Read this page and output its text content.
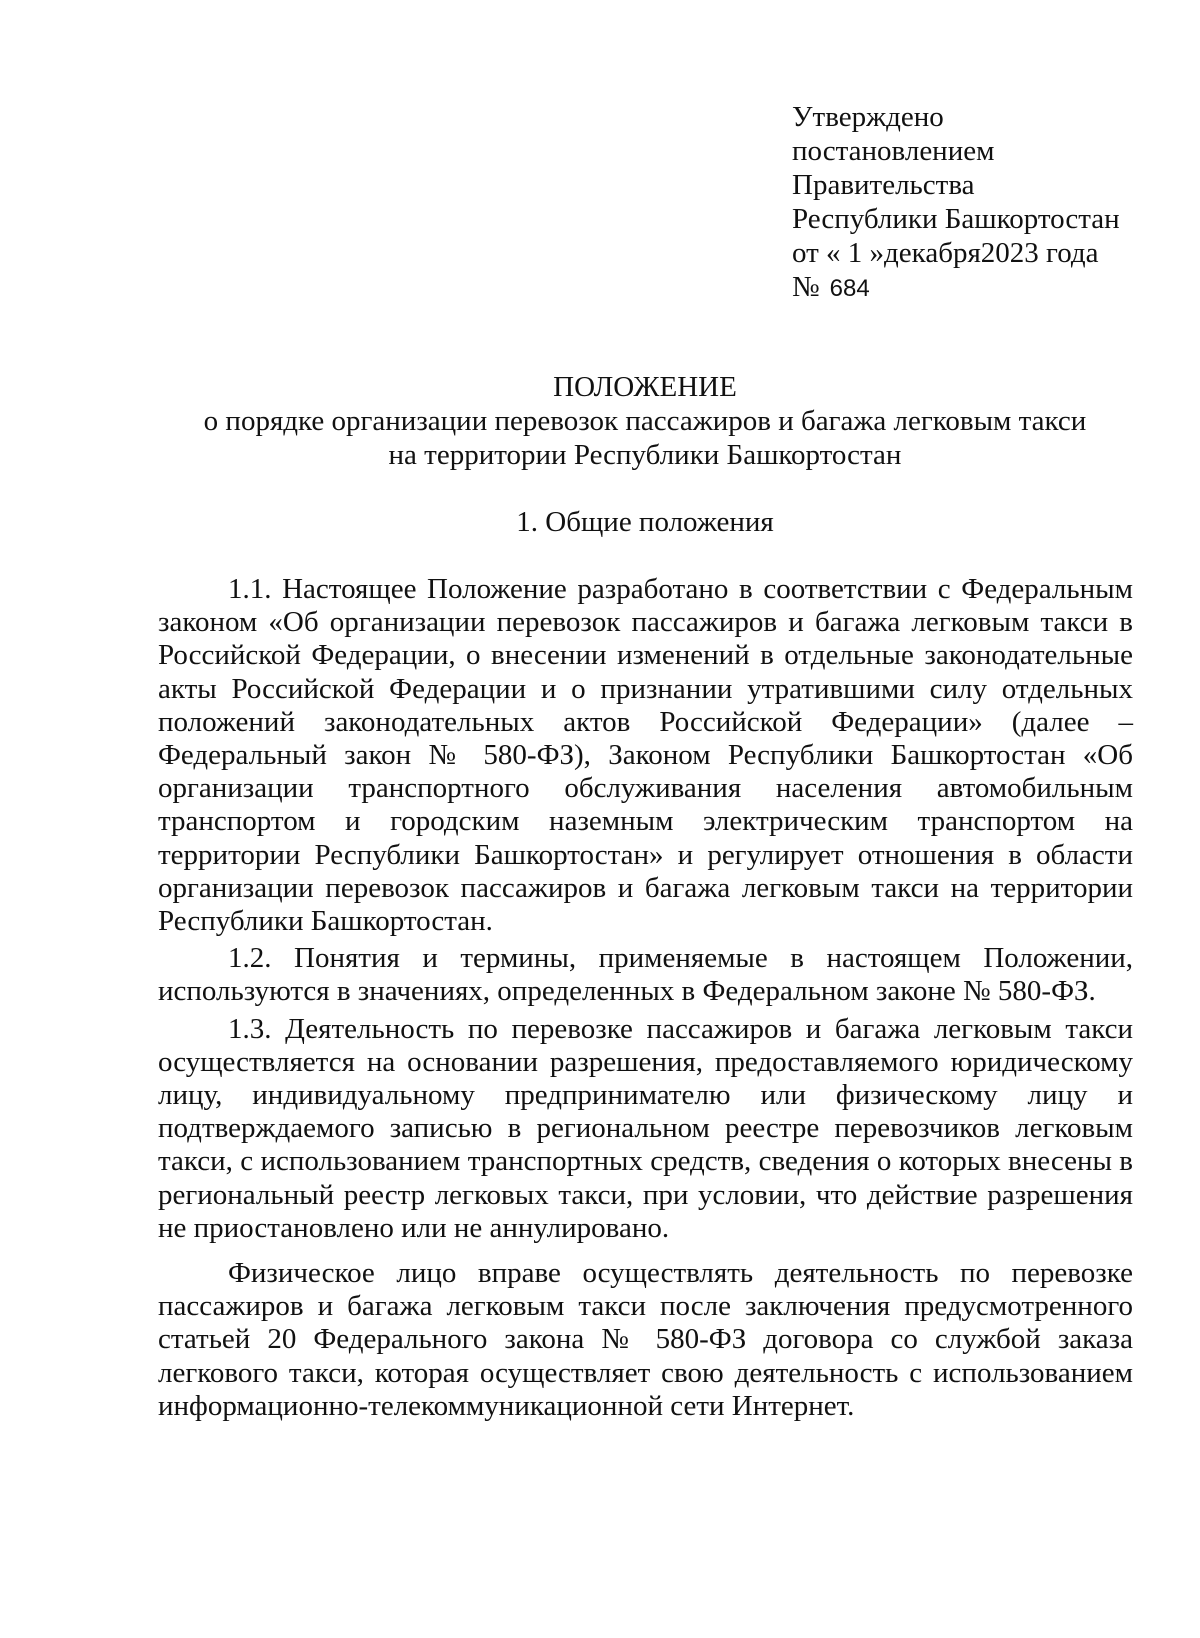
Утверждено
постановлением
Правительства
Республики Башкортостан
от « 1 »декабря2023 года
№ 684
ПОЛОЖЕНИЕ
о порядке организации перевозок пассажиров и багажа легковым такси
на территории Республики Башкортостан
1. Общие положения

1.1. Настоящее Положение разработано в соответствии с Федеральным законом «Об организации перевозок пассажиров и багажа легковым такси в Российской Федерации, о внесении изменений в отдельные законодательные акты Российской Федерации и о признании утратившими силу отдельных положений законодательных актов Российской Федерации» (далее – Федеральный закон № 580-ФЗ), Законом Республики Башкортостан «Об организации транспортного обслуживания населения автомобильным транспортом и городским наземным электрическим транспортом на территории Республики Башкортостан» и регулирует отношения в области организации перевозок пассажиров и багажа легковым такси на территории Республики Башкортостан.

1.2. Понятия и термины, применяемые в настоящем Положении, используются в значениях, определенных в Федеральном законе № 580-ФЗ.

1.3. Деятельность по перевозке пассажиров и багажа легковым такси осуществляется на основании разрешения, предоставляемого юридическому лицу, индивидуальному предпринимателю или физическому лицу и подтверждаемого записью в региональном реестре перевозчиков легковым такси, с использованием транспортных средств, сведения о которых внесены в региональный реестр легковых такси, при условии, что действие разрешения не приостановлено или не аннулировано.

Физическое лицо вправе осуществлять деятельность по перевозке пассажиров и багажа легковым такси после заключения предусмотренного статьей 20 Федерального закона № 580-ФЗ договора со службой заказа легкового такси, которая осуществляет свою деятельность с использованием информационно-телекоммуникационной сети Интернет.
